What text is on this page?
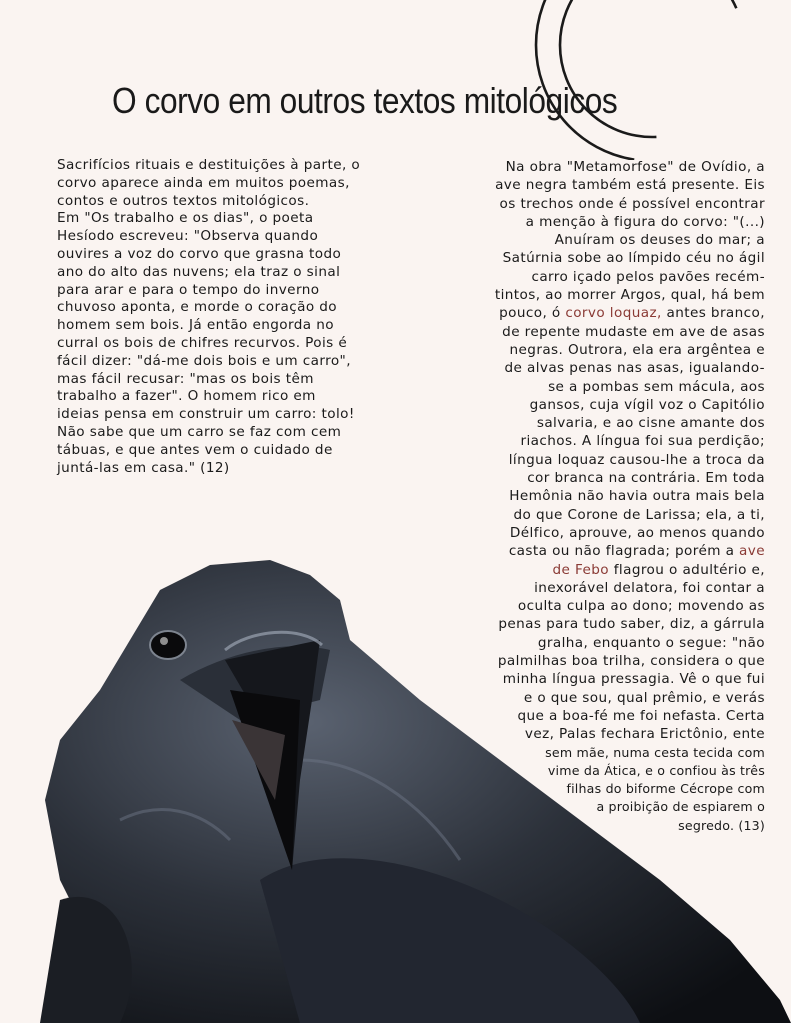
O corvo em outros textos mitológicos

Sacrifícios rituais e destituições à parte, o corvo aparece ainda em muitos poemas, contos e outros textos mitológicos.

Em "Os trabalho e os dias", o poeta Hesíodo escreveu: "Observa quando ouvires a voz do corvo que grasna todo ano do alto das nuvens; ela traz o sinal para arar e para o tempo do inverno chuvoso aponta, e morde o coração do homem sem bois. Já então engorda no curral os bois de chifres recurvos. Pois é fácil dizer: "dá-me dois bois e um carro", mas fácil recusar: "mas os bois têm trabalho a fazer". O homem rico em ideias pensa em construir um carro: tolo! Não sabe que um carro se faz com cem tábuas, e que antes vem o cuidado de juntá-las em casa." (12)

Na obra "Metamorfose" de Ovídio, a
ave negra também está presente. Eis
os trechos onde é possível encontrar
a menção à figura do corvo: "(...)
Anuíram os deuses do mar; a
Satúrnia sobe ao límpido céu no ágil
carro içado pelos pavões recém-
tintos, ao morrer Argos, qual, há bem
pouco, ó corvo loquaz, antes branco,
de repente mudaste em ave de asas
negras. Outrora, ela era argêntea e
de alvas penas nas asas, igualando-
se a pombas sem mácula, aos
gansos, cuja vígil voz o Capitólio
salvaria, e ao cisne amante dos
riachos. A língua foi sua perdição;
língua loquaz causou-lhe a troca da
cor branca na contrária. Em toda
Hemônia não havia outra mais bela
do que Corone de Larissa; ela, a ti,
Délfico, aprouve, ao menos quando
casta ou não flagrada; porém a ave
de Febo flagrou o adultério e,
inexorável delatora, foi contar a
oculta culpa ao dono; movendo as
penas para tudo saber, diz, a gárrula
gralha, enquanto o segue: "não
palmilhas boa trilha, considera o que
minha língua pressagia. Vê o que fui
e o que sou, qual prêmio, e verás
que a boa-fé me foi nefasta. Certa
vez, Palas fechara Erictônio, ente
sem mãe, numa cesta tecida com
vime da Ática, e o confiou às três
filhas do biforme Cécrope com
a proibição de espiarem o
segredo. (13)
